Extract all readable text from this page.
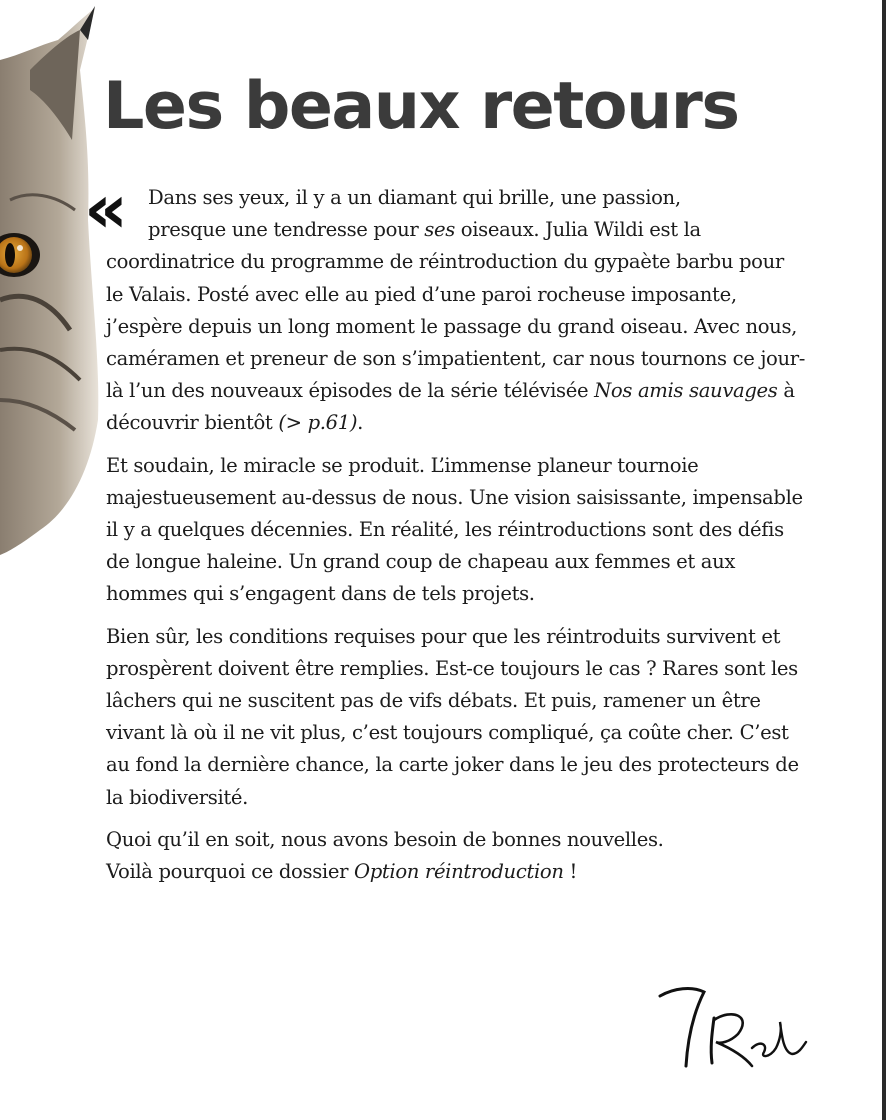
Les beaux retours
«	Dans ses yeux, il y a un diamant qui brille, une passion,
presque une tendresse pour ses oiseaux. Julia Wildi est la coordinatrice du programme de réintroduction du gypaète barbu pour le Valais. Posté avec elle au pied d’une paroi rocheuse imposante, j’espère depuis un long moment le passage du grand oiseau. Avec nous, caméramen et preneur de son s’impatientent, car nous tournons ce jour-là l’un des nouveaux épisodes de la série télévisée Nos amis sauvages à découvrir bientôt (> p.61).

Et soudain, le miracle se produit. L’immense planeur tournoie majestueusement au-dessus de nous. Une vision saisissante, impensable il y a quelques décennies. En réalité, les réintroductions sont des défis de longue haleine. Un grand coup de chapeau aux femmes et aux hommes qui s’engagent dans de tels projets.

Bien sûr, les conditions requises pour que les réintroduits survivent et prospèrent doivent être remplies. Est-ce toujours le cas ? Rares sont les lâchers qui ne suscitent pas de vifs débats. Et puis, ramener un être vivant là où il ne vit plus, c’est toujours compliqué, ça coûte cher. C’est au fond la dernière chance, la carte joker dans le jeu des protecteurs de la biodiversité.

Quoi qu’il en soit, nous avons besoin de bonnes nouvelles.
Voilà pourquoi ce dossier Option réintroduction !
